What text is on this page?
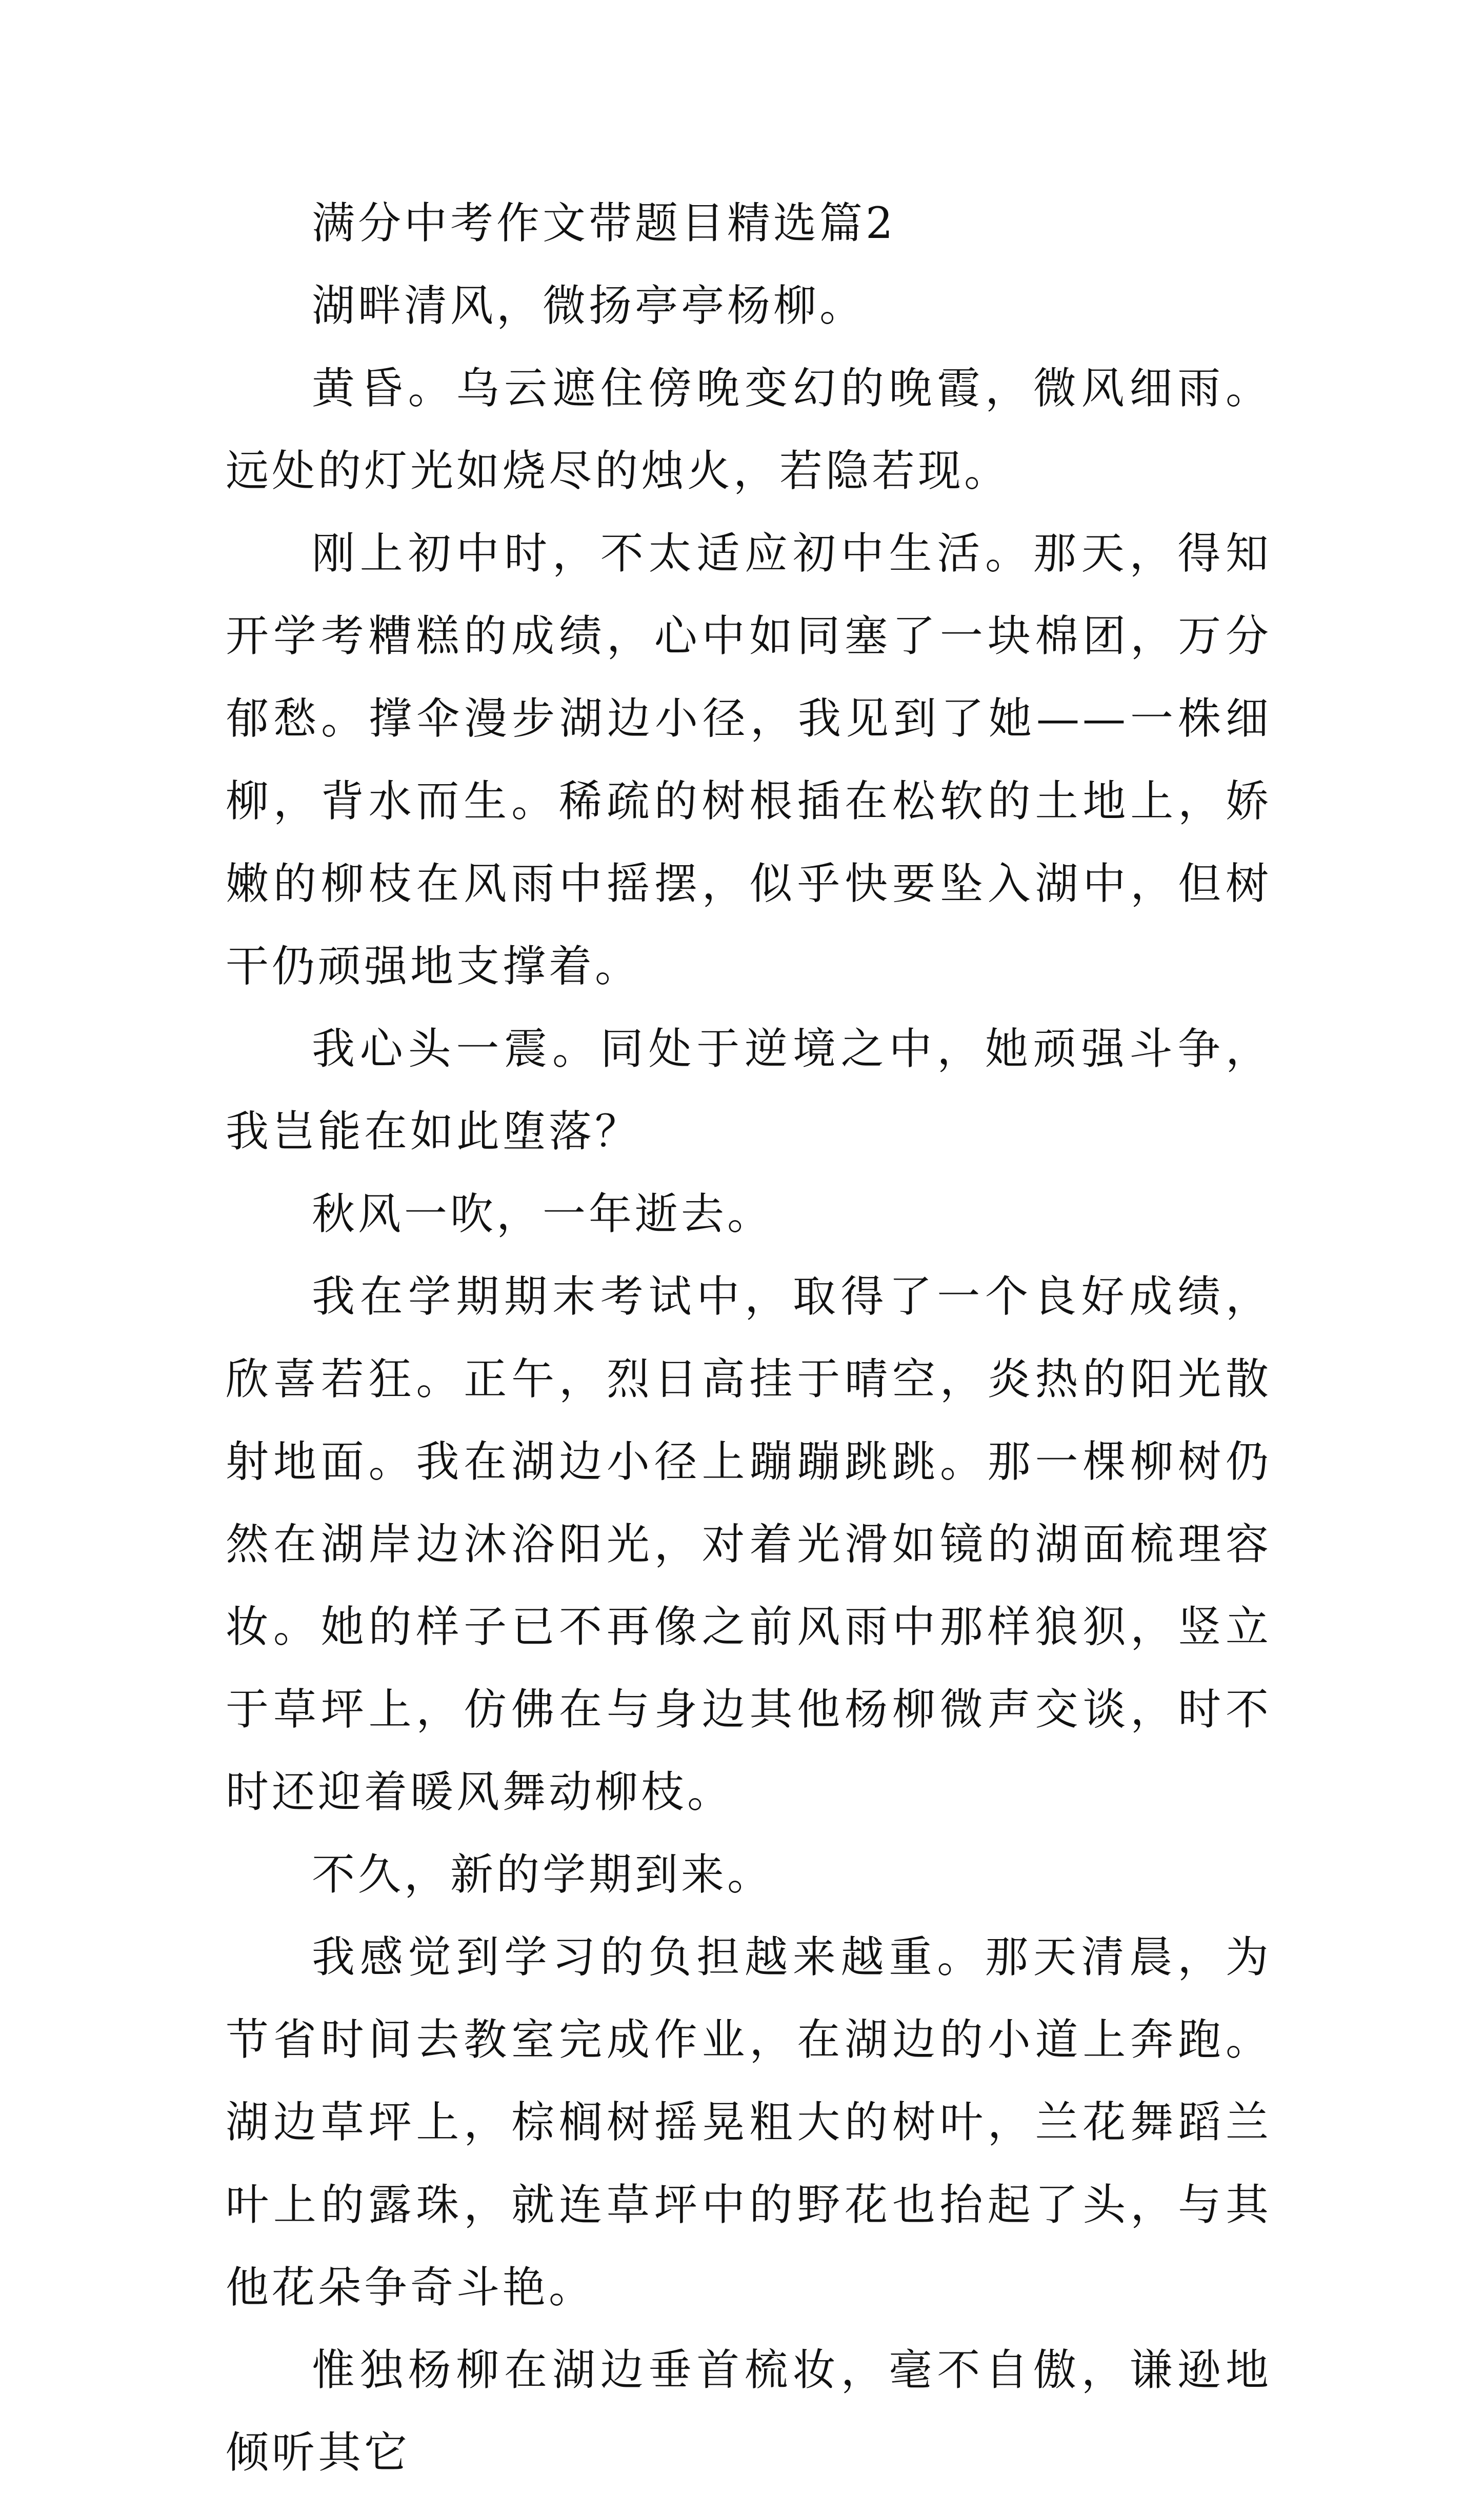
满分中考作文带题目精选篇2

湖畔清风，微扬亭亭杨柳。

黄昏。乌云遮住傍晚变幻的晚霞，微风细雨。远处的灯光如烧尽的烛火，若隐若现。

刚上初中时，不太适应初中生活。那天，得知开学考糟糕的成绩，心中如同塞了一块棉团，万分郁愁。撑伞漫步湖边小径，我见到了她——一株细柳，背水而生。稀疏的树根插在松软的土地上，娇嫩的柳枝在风雨中摇摆，似乎快要坠入湖中，但树干仍顽强地支撑着。

我心头一震。同处于逆境之中，她顽强斗争，我岂能在如此堕落？

秋风一吹，一年逝去。

我在学期期末考试中，取得了一个良好成绩，欣喜若狂。正午，烈日高挂于晴空，炎热的阳光散射地面。我在湖边小径上蹦蹦跳跳。那一棵柳树仍然在湖岸边沐浴阳光，对着光滑如镜的湖面梳理容妆。她的样子已不再像之前风雨中那样狼狈，竖立于草坪上，仿佛在与身边其他杨柳微声交谈，时不时还迎着暖风舞动柳枝。

不久，新的学期到来。

我感觉到学习的负担越来越重。那天清晨，为节省时间去教室完成作业，在湖边的小道上奔跑。湖边草坪上，棕榈树摇晃粗大的树叶，兰花舞蹈兰叶上的露珠，就连草坪中的野花也抬起了头，与其他花朵争奇斗艳。

惟独杨柳在湖边垂首梳妆，毫不自傲，谦逊地倾听其它
